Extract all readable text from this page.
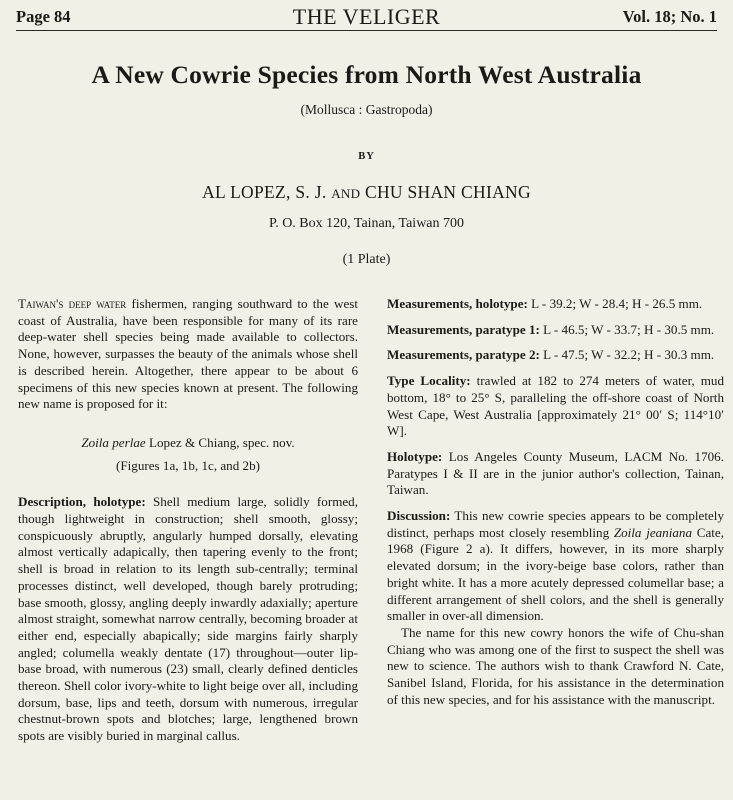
Page 84	THE VELIGER	Vol. 18; No. 1
A New Cowrie Species from North West Australia
(Mollusca : Gastropoda)
BY
AL LOPEZ, S. J. AND CHU SHAN CHIANG
P. O. Box 120, Tainan, Taiwan 700
(1 Plate)

Taiwan's deep water fishermen, ranging southward to the west coast of Australia, have been responsible for many of its rare deep-water shell species being made available to collectors. None, however, surpasses the beauty of the animals whose shell is described herein. Altogether, there appear to be about 6 specimens of this new species known at present. The following new name is proposed for it:

Zoila perlae Lopez & Chiang, spec. nov.

(Figures 1a, 1b, 1c, and 2b)

Description, holotype: Shell medium large, solidly formed, though lightweight in construction; shell smooth, glossy; conspicuously abruptly, angularly humped dorsally, elevating almost vertically adapically, then tapering evenly to the front; shell is broad in relation to its length sub-centrally; terminal processes distinct, well developed, though barely protruding; base smooth, glossy, angling deeply inwardly adaxially; aperture almost straight, somewhat narrow centrally, becoming broader at either end, especially abapically; side margins fairly sharply angled; columella weakly dentate (17) throughout—outer lip-base broad, with numerous (23) small, clearly defined denticles thereon. Shell color ivory-white to light beige over all, including dorsum, base, lips and teeth, dorsum with numerous, irregular chestnut-brown spots and blotches; large, lengthened brown spots are visibly buried in marginal callus.

Measurements, holotype: L - 39.2; W - 28.4; H - 26.5 mm.

Measurements, paratype 1: L - 46.5; W - 33.7; H - 30.5 mm.

Measurements, paratype 2: L - 47.5; W - 32.2; H - 30.3 mm.

Type Locality: trawled at 182 to 274 meters of water, mud bottom, 18° to 25° S, paralleling the off-shore coast of North West Cape, West Australia [approximately 21° 00′ S; 114°10′ W].

Holotype: Los Angeles County Museum, LACM No. 1706. Paratypes I & II are in the junior author's collection, Tainan, Taiwan.

Discussion: This new cowrie species appears to be completely distinct, perhaps most closely resembling Zoila jeaniana Cate, 1968 (Figure 2 a). It differs, however, in its more sharply elevated dorsum; in the ivory-beige base colors, rather than bright white. It has a more acutely depressed columellar base; a different arrangement of shell colors, and the shell is generally smaller in over-all dimension.

The name for this new cowry honors the wife of Chu-shan Chiang who was among one of the first to suspect the shell was new to science. The authors wish to thank Crawford N. Cate, Sanibel Island, Florida, for his assistance in the determination of this new species, and for his assistance with the manuscript.
